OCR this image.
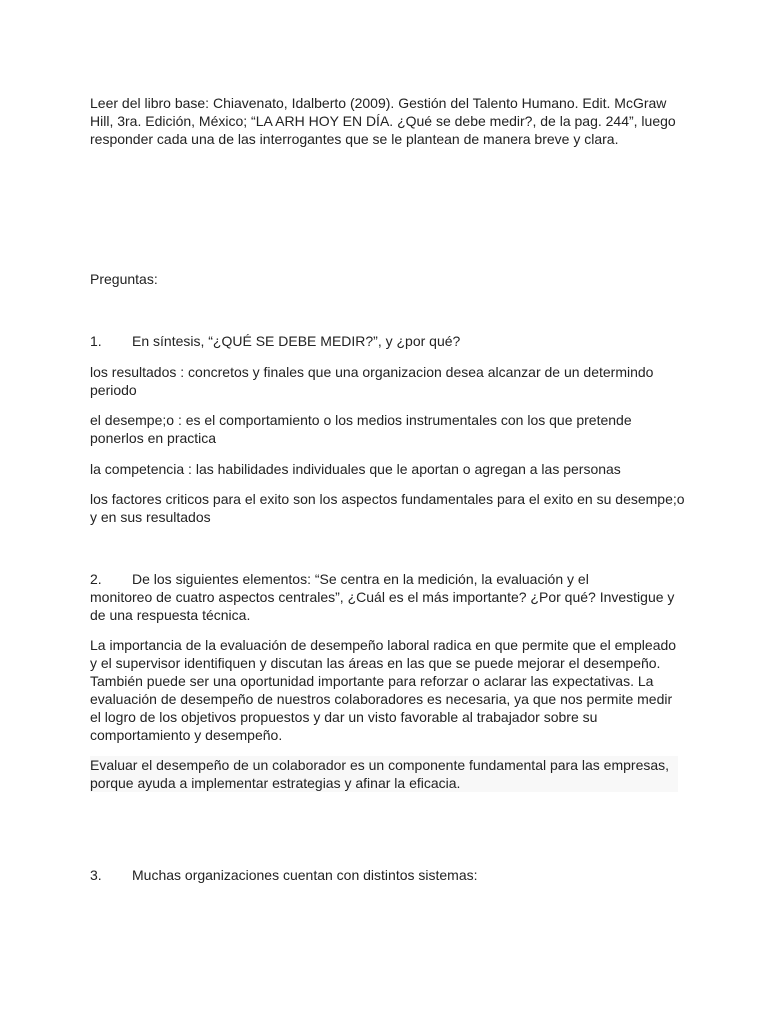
Leer del libro base: Chiavenato, Idalberto (2009). Gestión del Talento Humano. Edit. McGraw Hill, 3ra. Edición, México; “LA ARH HOY EN DÍA. ¿Qué se debe medir?, de la pag. 244”, luego responder cada una de las interrogantes que se le plantean de manera breve y clara.

Preguntas:

1. En síntesis, “¿QUÉ SE DEBE MEDIR?”, y ¿por qué?

los resultados : concretos y finales que una organizacion desea alcanzar de un determindo periodo

el desempe;o : es el comportamiento o los medios instrumentales con los que pretende ponerlos en practica

la competencia : las habilidades individuales que le aportan o agregan a las personas

los factores criticos para el exito son los aspectos fundamentales para el exito en su desempe;o y en sus resultados

2. De los siguientes elementos: “Se centra en la medición, la evaluación y el
monitoreo de cuatro aspectos centrales”, ¿Cuál es el más importante? ¿Por qué? Investigue y de una respuesta técnica.

La importancia de la evaluación de desempeño laboral radica en que permite que el empleado y el supervisor identifiquen y discutan las áreas en las que se puede mejorar el desempeño. También puede ser una oportunidad importante para reforzar o aclarar las expectativas. La evaluación de desempeño de nuestros colaboradores es necesaria, ya que nos permite medir el logro de los objetivos propuestos y dar un visto favorable al trabajador sobre su comportamiento y desempeño.

Evaluar el desempeño de un colaborador es un componente fundamental para las empresas, porque ayuda a implementar estrategias y afinar la eficacia.

3. Muchas organizaciones cuentan con distintos sistemas:
